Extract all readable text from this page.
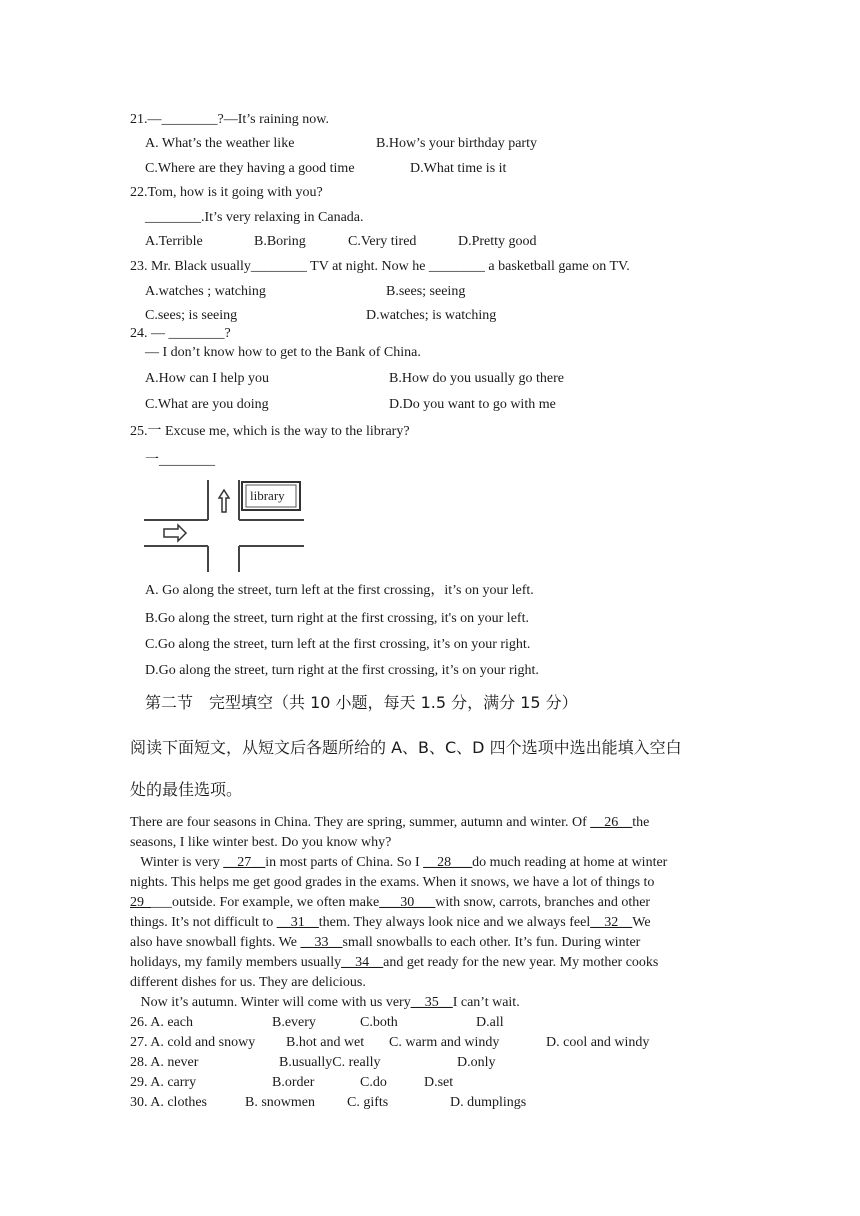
21.—________?—It’s raining now.
A. What’s the weather like	B.How’s your birthday party
C.Where are they having a good time	D.What time is it
22.Tom, how is it going with you?
________.It’s very relaxing in Canada.
A.Terrible	B.Boring	C.Very tired	D.Pretty good
23. Mr. Black usually________ TV at night. Now he ________ a basketball game on TV.
A.watches ; watching	B.sees; seeing
C.sees; is seeing	D.watches; is watching
24. — ________?
— I don’t know how to get to the Bank of China.
A.How can I help you	B.How do you usually go there
C.What are you doing	D.Do you want to go with me
25.一 Excuse me, which is the way to the library?
一________
library
A. Go along the street, turn left at the first crossing，it’s on your left.
B.Go along the street, turn right at the first crossing, it's on your left.
C.Go along the street, turn left at the first crossing, it’s on your right.
D.Go along the street, turn right at the first crossing, it’s on your right.
第二节　完型填空（共 10 小题，每天 1.5 分，满分 15 分）
阅读下面短文，从短文后各题所给的 A、B、C、D 四个选项中选出能填入空白
处的最佳选项。
There are four seasons in China. They are spring, summer, autumn and winter. Of __26__the
seasons, I like winter best. Do you know why?
Winter is very __27__in most parts of China. So I __28___do much reading at home at winter
nights. This helps me get good grades in the exams. When it snows, we have a lot of things to
29  ___outside. For example, we often make___30___with snow, carrots, branches and other
things. It’s not difficult to __31__them. They always look nice and we always feel__32__We
also have snowball fights. We __33__small snowballs to each other. It’s fun. During winter
holidays, my family members usually__34__and get ready for the new year. My mother cooks
different dishes for us. They are delicious.
Now it’s autumn. Winter will come with us very__35__I can’t wait.
26. A. each	B.every	C.both	D.all
27. A. cold and snowy B.hot and wet C. warm and windy	D. cool and windy
28. A. never	B.usuallyC. really	D.only
29. A. carry	B.order	C.do	D.set
30. A. clothes	B. snowmen C. gifts	D. dumplings
